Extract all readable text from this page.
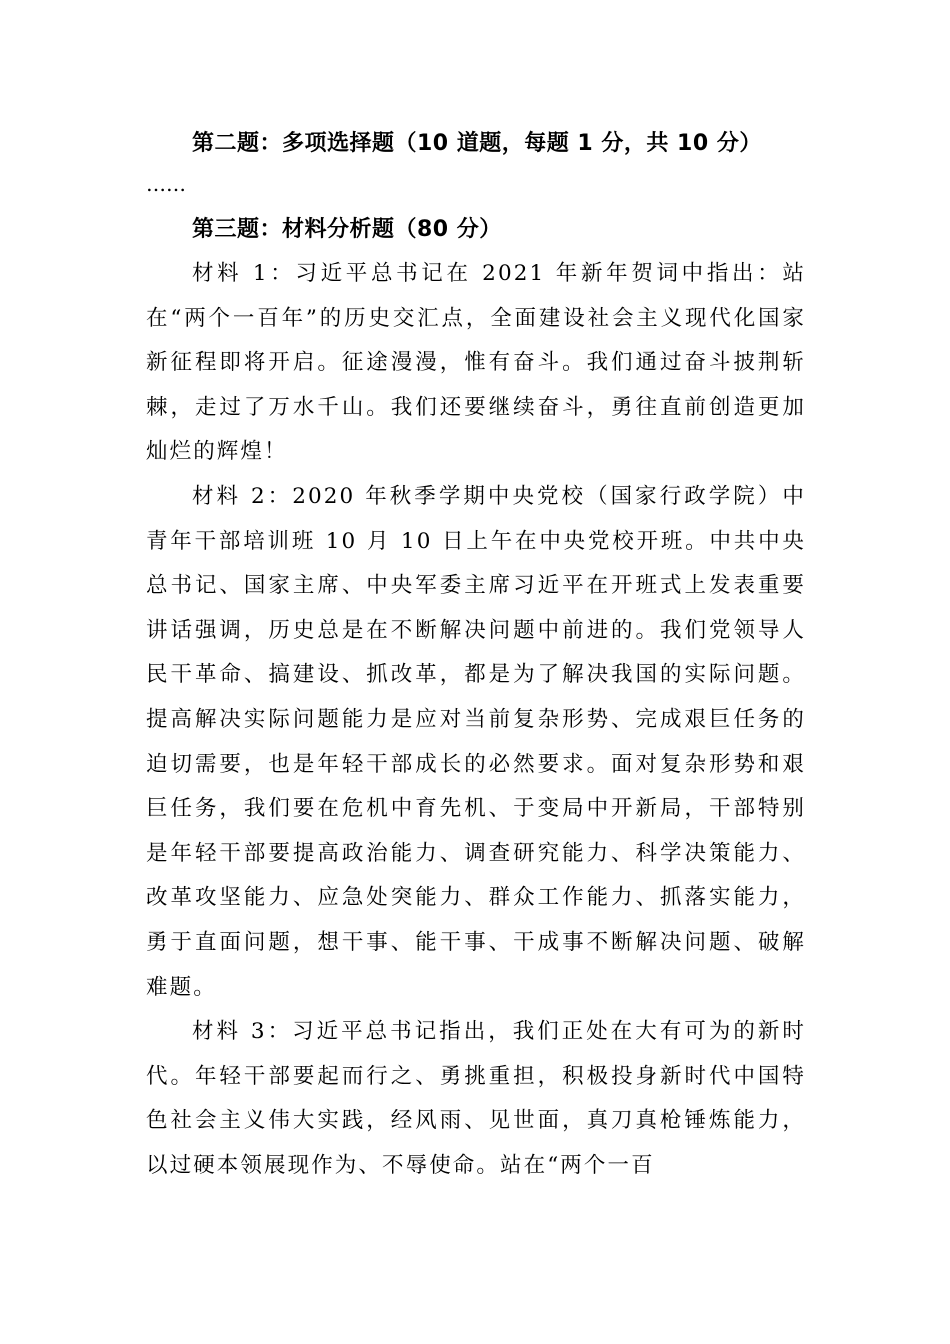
第二题：多项选择题（10 道题，每题 1 分，共 10 分）
……
第三题：材料分析题（80 分）

材料 1：习近平总书记在 2021 年新年贺词中指出：站在“两个一百年”的历史交汇点，全面建设社会主义现代化国家新征程即将开启。征途漫漫，惟有奋斗。我们通过奋斗披荆斩棘，走过了万水千山。我们还要继续奋斗，勇往直前创造更加灿烂的辉煌！

材料 2：2020 年秋季学期中央党校（国家行政学院）中青年干部培训班 10 月 10 日上午在中央党校开班。中共中央总书记、国家主席、中央军委主席习近平在开班式上发表重要讲话强调，历史总是在不断解决问题中前进的。我们党领导人民干革命、搞建设、抓改革，都是为了解决我国的实际问题。提高解决实际问题能力是应对当前复杂形势、完成艰巨任务的迫切需要，也是年轻干部成长的必然要求。面对复杂形势和艰巨任务，我们要在危机中育先机、于变局中开新局，干部特别是年轻干部要提高政治能力、调查研究能力、科学决策能力、改革攻坚能力、应急处突能力、群众工作能力、抓落实能力，勇于直面问题，想干事、能干事、干成事不断解决问题、破解难题。

材料 3：习近平总书记指出，我们正处在大有可为的新时代。年轻干部要起而行之、勇挑重担，积极投身新时代中国特色社会主义伟大实践，经风雨、见世面，真刀真枪锤炼能力，以过硬本领展现作为、不辱使命。站在“两个一百
